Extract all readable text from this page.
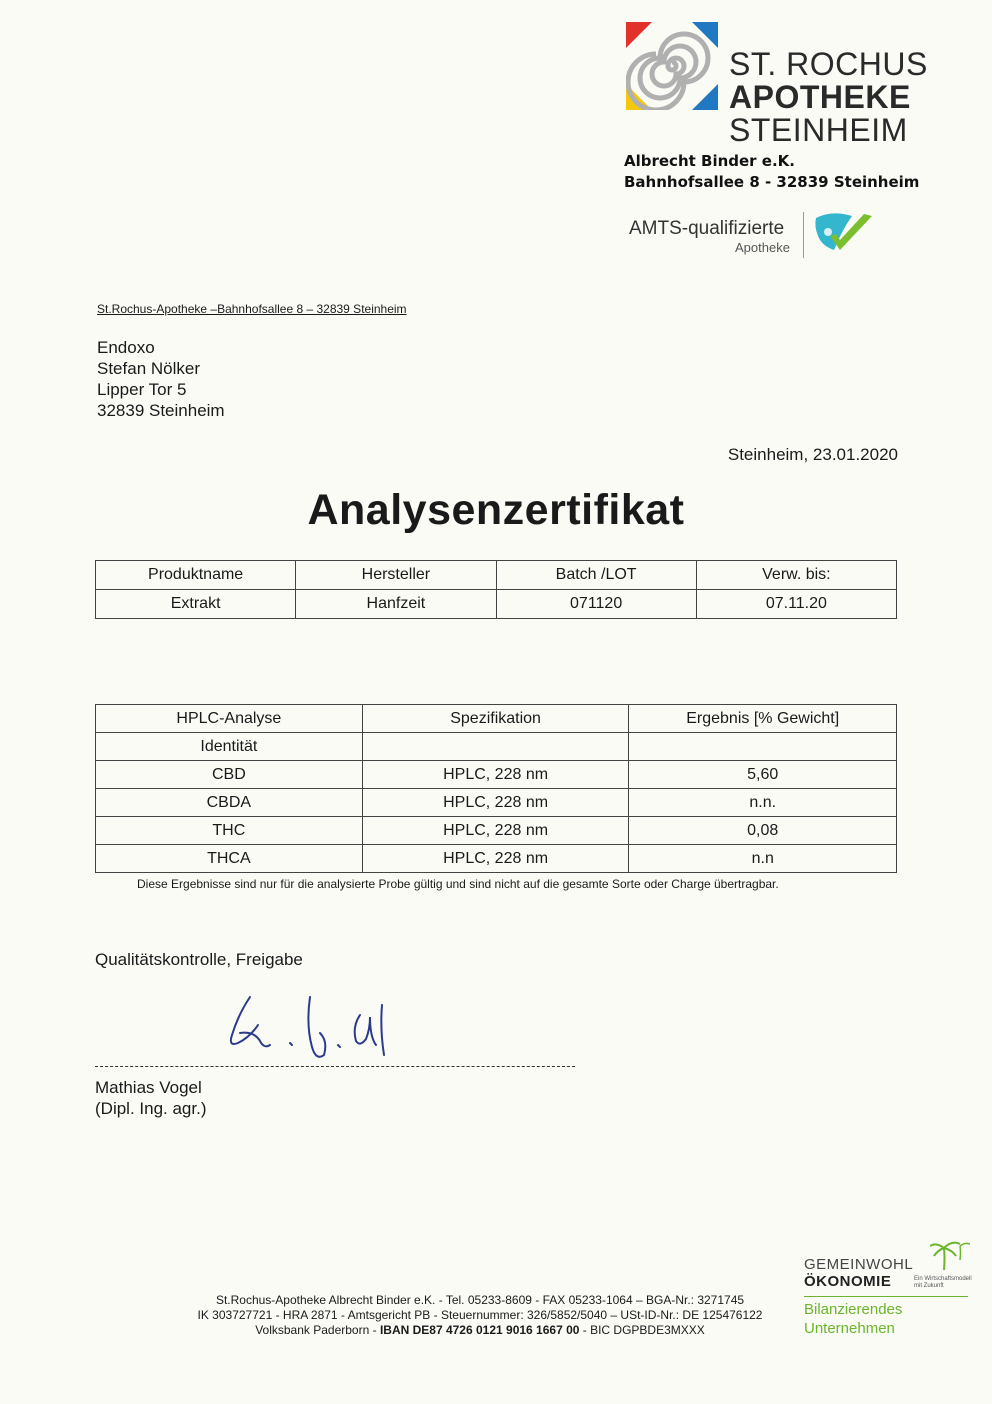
ST. ROCHUS
APOTHEKE
STEINHEIM
Albrecht Binder e.K.
Bahnhofsallee 8 - 32839 Steinheim
AMTS-qualifizierte
Apotheke
St.Rochus-Apotheke –Bahnhofsallee 8 – 32839 Steinheim
Endoxo
Stefan Nölker
Lipper Tor 5
32839 Steinheim
Steinheim, 23.01.2020
Analysenzertifikat
Produktname	Hersteller	Batch /LOT	Verw. bis:
Extrakt	Hanfzeit	071120	07.11.20
HPLC-Analyse	Spezifikation	Ergebnis [% Gewicht]
Identität		
CBD	HPLC, 228 nm	5,60
CBDA	HPLC, 228 nm	n.n.
THC	HPLC, 228 nm	0,08
THCA	HPLC, 228 nm	n.n
Diese Ergebnisse sind nur für die analysierte Probe gültig und sind nicht auf die gesamte Sorte oder Charge übertragbar.
Qualitätskontrolle, Freigabe
Mathias Vogel
(Dipl. Ing. agr.)
St.Rochus-Apotheke Albrecht Binder e.K. - Tel. 05233-8609 - FAX 05233-1064 – BGA-Nr.: 3271745
IK 303727721 - HRA 2871 - Amtsgericht PB - Steuernummer: 326/5852/5040 – USt-ID-Nr.: DE 125476122
Volksbank Paderborn - IBAN DE87 4726 0121 9016 1667 00 - BIC DGPBDE3MXXX
GEMEINWOHL
ÖKONOMIE	Ein Wirtschaftsmodell
mit Zukunft
Bilanzierendes
Unternehmen
